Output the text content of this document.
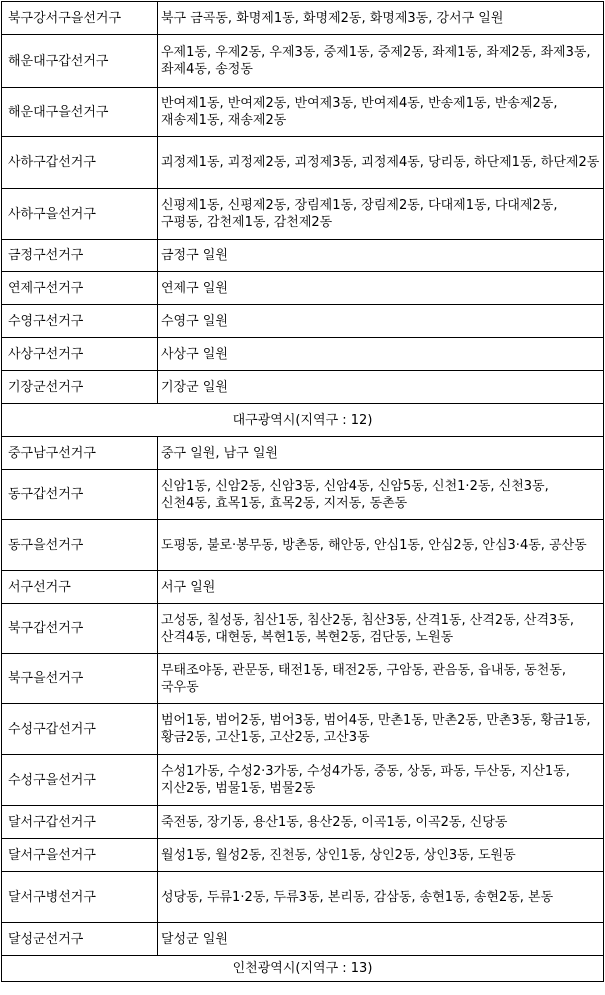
북구강서구을선거구	북구 금곡동, 화명제1동, 화명제2동, 화명제3동, 강서구 일원
해운대구갑선거구	우제1동, 우제2동, 우제3동, 중제1동, 중제2동, 좌제1동, 좌제2동, 좌제3동, 좌제4동, 송정동
해운대구을선거구	반여제1동, 반여제2동, 반여제3동, 반여제4동, 반송제1동, 반송제2동, 재송제1동, 재송제2동
사하구갑선거구	괴정제1동, 괴정제2동, 괴정제3동, 괴정제4동, 당리동, 하단제1동, 하단제2동
사하구을선거구	신평제1동, 신평제2동, 장림제1동, 장림제2동, 다대제1동, 다대제2동, 구평동, 감천제1동, 감천제2동
금정구선거구	금정구 일원
연제구선거구	연제구 일원
수영구선거구	수영구 일원
사상구선거구	사상구 일원
기장군선거구	기장군 일원
대구광역시(지역구 : 12)	
중구남구선거구	중구 일원, 남구 일원
동구갑선거구	신암1동, 신암2동, 신암3동, 신암4동, 신암5동, 신천1·2동, 신천3동, 신천4동, 효목1동, 효목2동, 지저동, 동촌동
동구을선거구	도평동, 불로·봉무동, 방촌동, 해안동, 안심1동, 안심2동, 안심3·4동, 공산동
서구선거구	서구 일원
북구갑선거구	고성동, 칠성동, 침산1동, 침산2동, 침산3동, 산격1동, 산격2동, 산격3동, 산격4동, 대현동, 복현1동, 복현2동, 검단동, 노원동
북구을선거구	무태조야동, 관문동, 태전1동, 태전2동, 구암동, 관음동, 읍내동, 동천동, 국우동
수성구갑선거구	범어1동, 범어2동, 범어3동, 범어4동, 만촌1동, 만촌2동, 만촌3동, 황금1동, 황금2동, 고산1동, 고산2동, 고산3동
수성구을선거구	수성1가동, 수성2·3가동, 수성4가동, 중동, 상동, 파동, 두산동, 지산1동, 지산2동, 범물1동, 범물2동
달서구갑선거구	죽전동, 장기동, 용산1동, 용산2동, 이곡1동, 이곡2동, 신당동
달서구을선거구	월성1동, 월성2동, 진천동, 상인1동, 상인2동, 상인3동, 도원동
달서구병선거구	성당동, 두류1·2동, 두류3동, 본리동, 감삼동, 송현1동, 송현2동, 본동
달성군선거구	달성군 일원
인천광역시(지역구 : 13)	
